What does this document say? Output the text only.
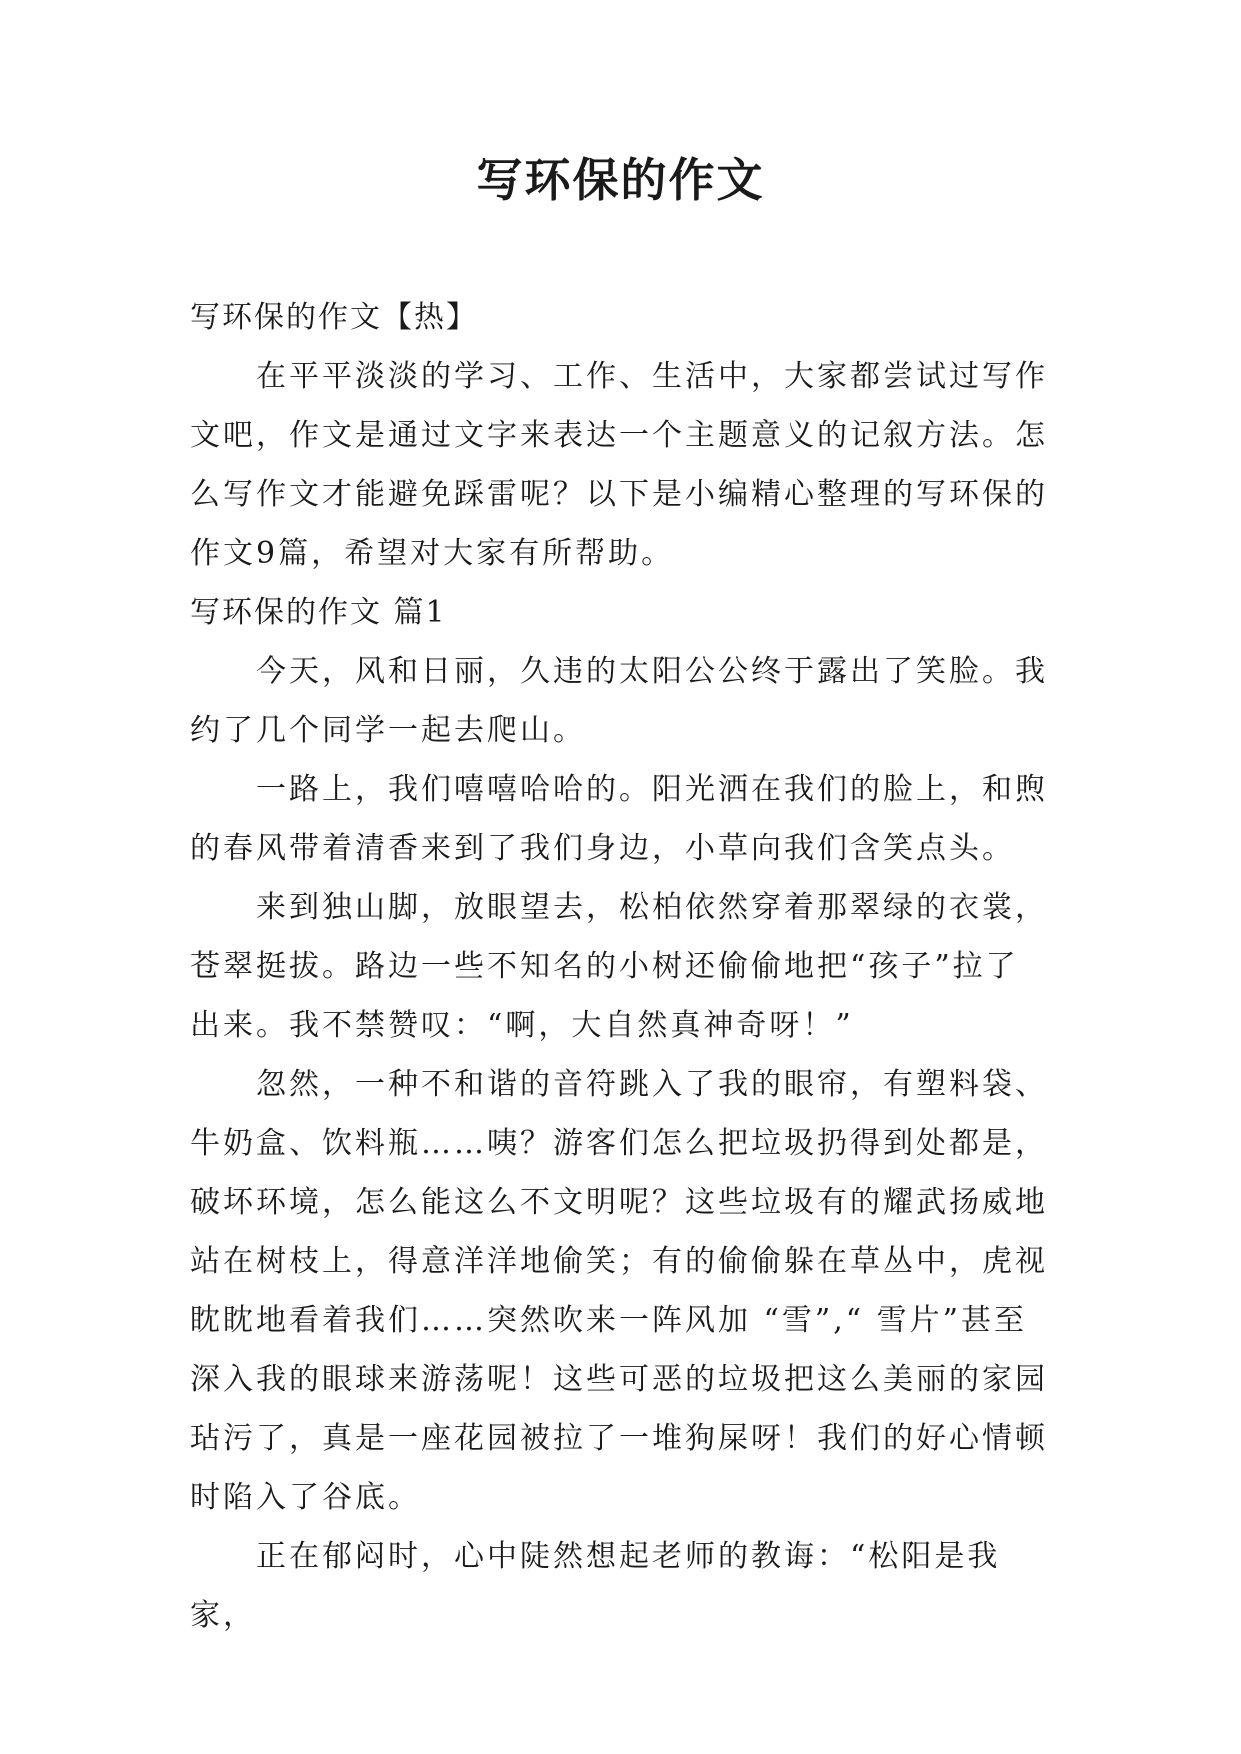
写环保的作文

写环保的作文【热】

在平平淡淡的学习、工作、生活中，大家都尝试过写作文吧，作文是通过文字来表达一个主题意义的记叙方法。怎么写作文才能避免踩雷呢？以下是小编精心整理的写环保的作文9篇，希望对大家有所帮助。

写环保的作文 篇1

今天，风和日丽，久违的太阳公公终于露出了笑脸。我约了几个同学一起去爬山。

一路上，我们嘻嘻哈哈的。阳光洒在我们的脸上，和煦的春风带着清香来到了我们身边，小草向我们含笑点头。

来到独山脚，放眼望去，松柏依然穿着那翠绿的衣裳，苍翠挺拔。路边一些不知名的小树还偷偷地把“孩子”拉了出来。我不禁赞叹：“啊，大自然真神奇呀！”

忽然，一种不和谐的音符跳入了我的眼帘，有塑料袋、牛奶盒、饮料瓶……咦？游客们怎么把垃圾扔得到处都是，破坏环境，怎么能这么不文明呢？这些垃圾有的耀武扬威地站在树枝上，得意洋洋地偷笑；有的偷偷躲在草丛中，虎视眈眈地看着我们……突然吹来一阵风加 “雪”,“ 雪片”甚至深入我的眼球来游荡呢！这些可恶的垃圾把这么美丽的家园玷污了，真是一座花园被拉了一堆狗屎呀！我们的好心情顿时陷入了谷底。

正在郁闷时，心中陡然想起老师的教诲：“松阳是我家，
